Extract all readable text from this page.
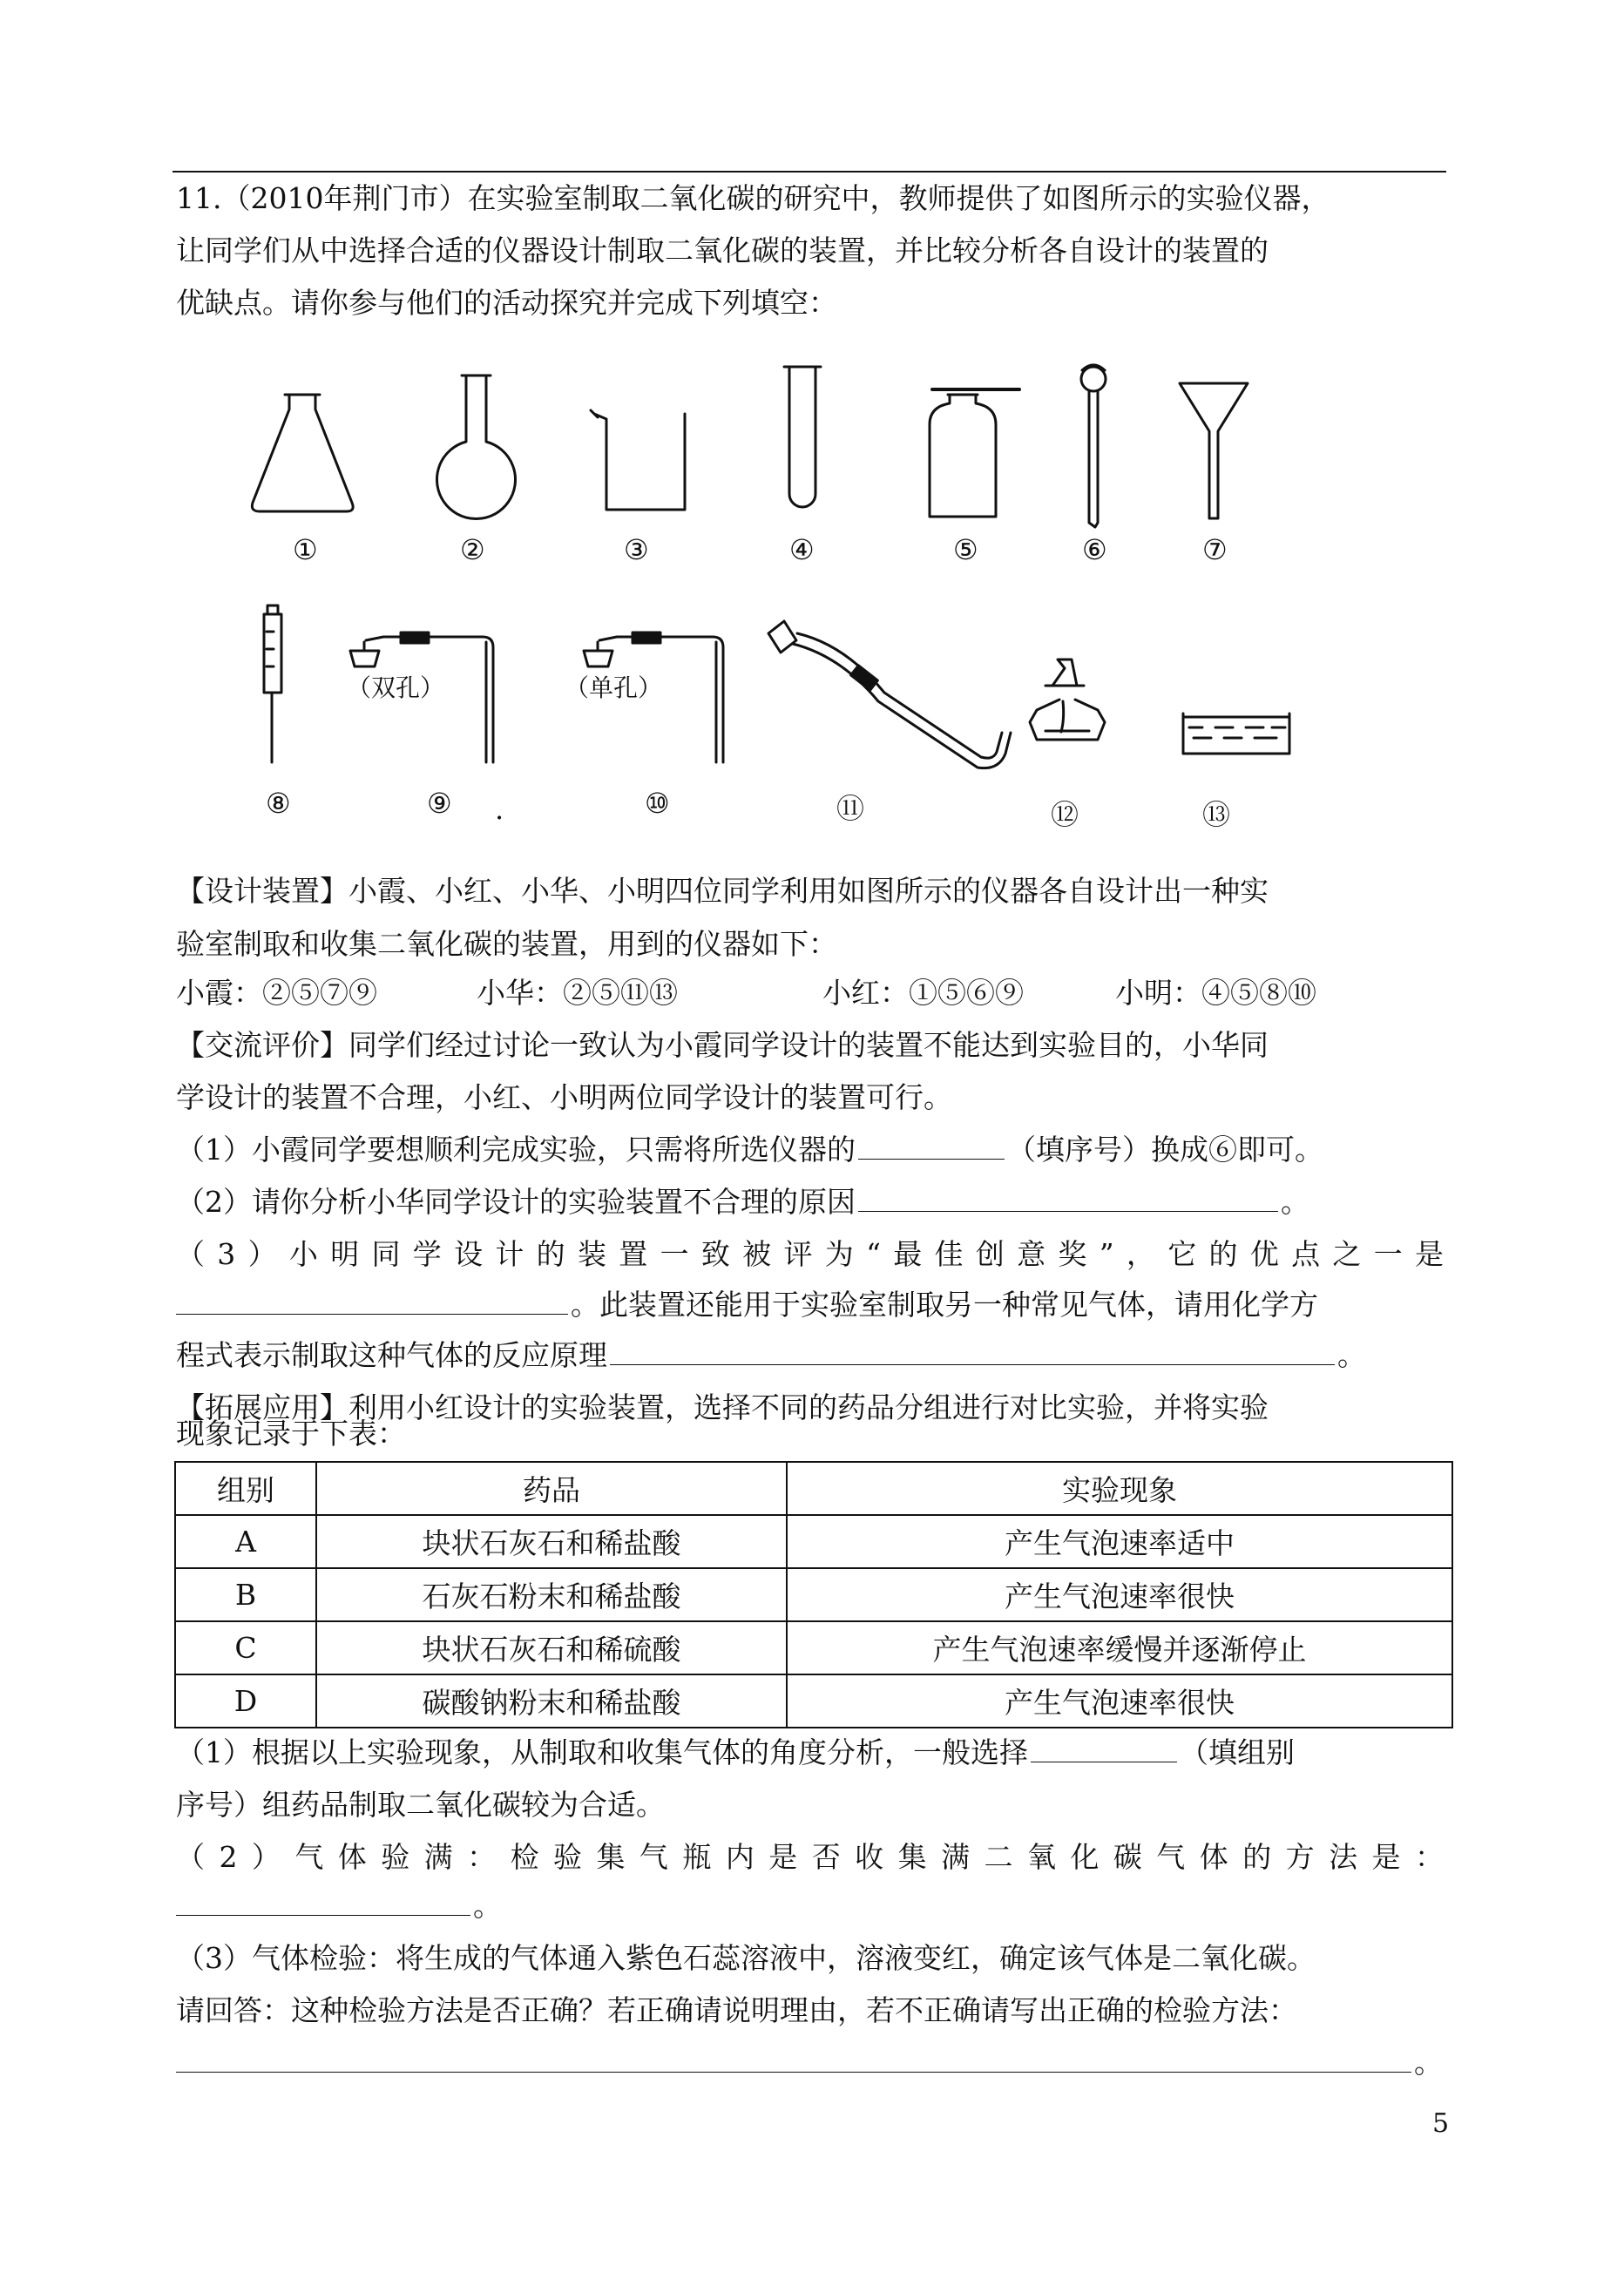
11.（2010年荆门市）在实验室制取二氧化碳的研究中，教师提供了如图所示的实验仪器，
让同学们从中选择合适的仪器设计制取二氧化碳的装置，并比较分析各自设计的装置的
优缺点。请你参与他们的活动探究并完成下列填空：
①	②	③	④	⑤	⑥	⑦
⑧	⑨ .	⑩	⑪	⑫	⑬
（双孔）	（单孔）
【设计装置】小霞、小红、小华、小明四位同学利用如图所示的仪器各自设计出一种实
验室制取和收集二氧化碳的装置，用到的仪器如下：
小霞：②⑤⑦⑨	小华：②⑤⑪⑬	小红：①⑤⑥⑨	小明：④⑤⑧⑩
【交流评价】同学们经过讨论一致认为小霞同学设计的装置不能达到实验目的，小华同
学设计的装置不合理，小红、小明两位同学设计的装置可行。
（1）小霞同学要想顺利完成实验，只需将所选仪器的	（填序号）换成⑥即可。
（2）请你分析小华同学设计的实验装置不合理的原因	。
（3）小明同学设计的装置一致被评为“最佳创意奖”，它的优点之一是
。此装置还能用于实验室制取另一种常见气体，请用化学方
程式表示制取这种气体的反应原理	。
【拓展应用】利用小红设计的实验装置，选择不同的药品分组进行对比实验，并将实验
现象记录于下表：
组别	药品	实验现象
A	块状石灰石和稀盐酸	产生气泡速率适中
B	石灰石粉末和稀盐酸	产生气泡速率很快
C	块状石灰石和稀硫酸	产生气泡速率缓慢并逐渐停止
D	碳酸钠粉末和稀盐酸	产生气泡速率很快
（1）根据以上实验现象，从制取和收集气体的角度分析，一般选择	（填组别
序号）组药品制取二氧化碳较为合适。
（2）气体验满：检验集气瓶内是否收集满二氧化碳气体的方法是：
。
（3）气体检验：将生成的气体通入紫色石蕊溶液中，溶液变红，确定该气体是二氧化碳。
请回答：这种检验方法是否正确？若正确请说明理由，若不正确请写出正确的检验方法：
。
5
